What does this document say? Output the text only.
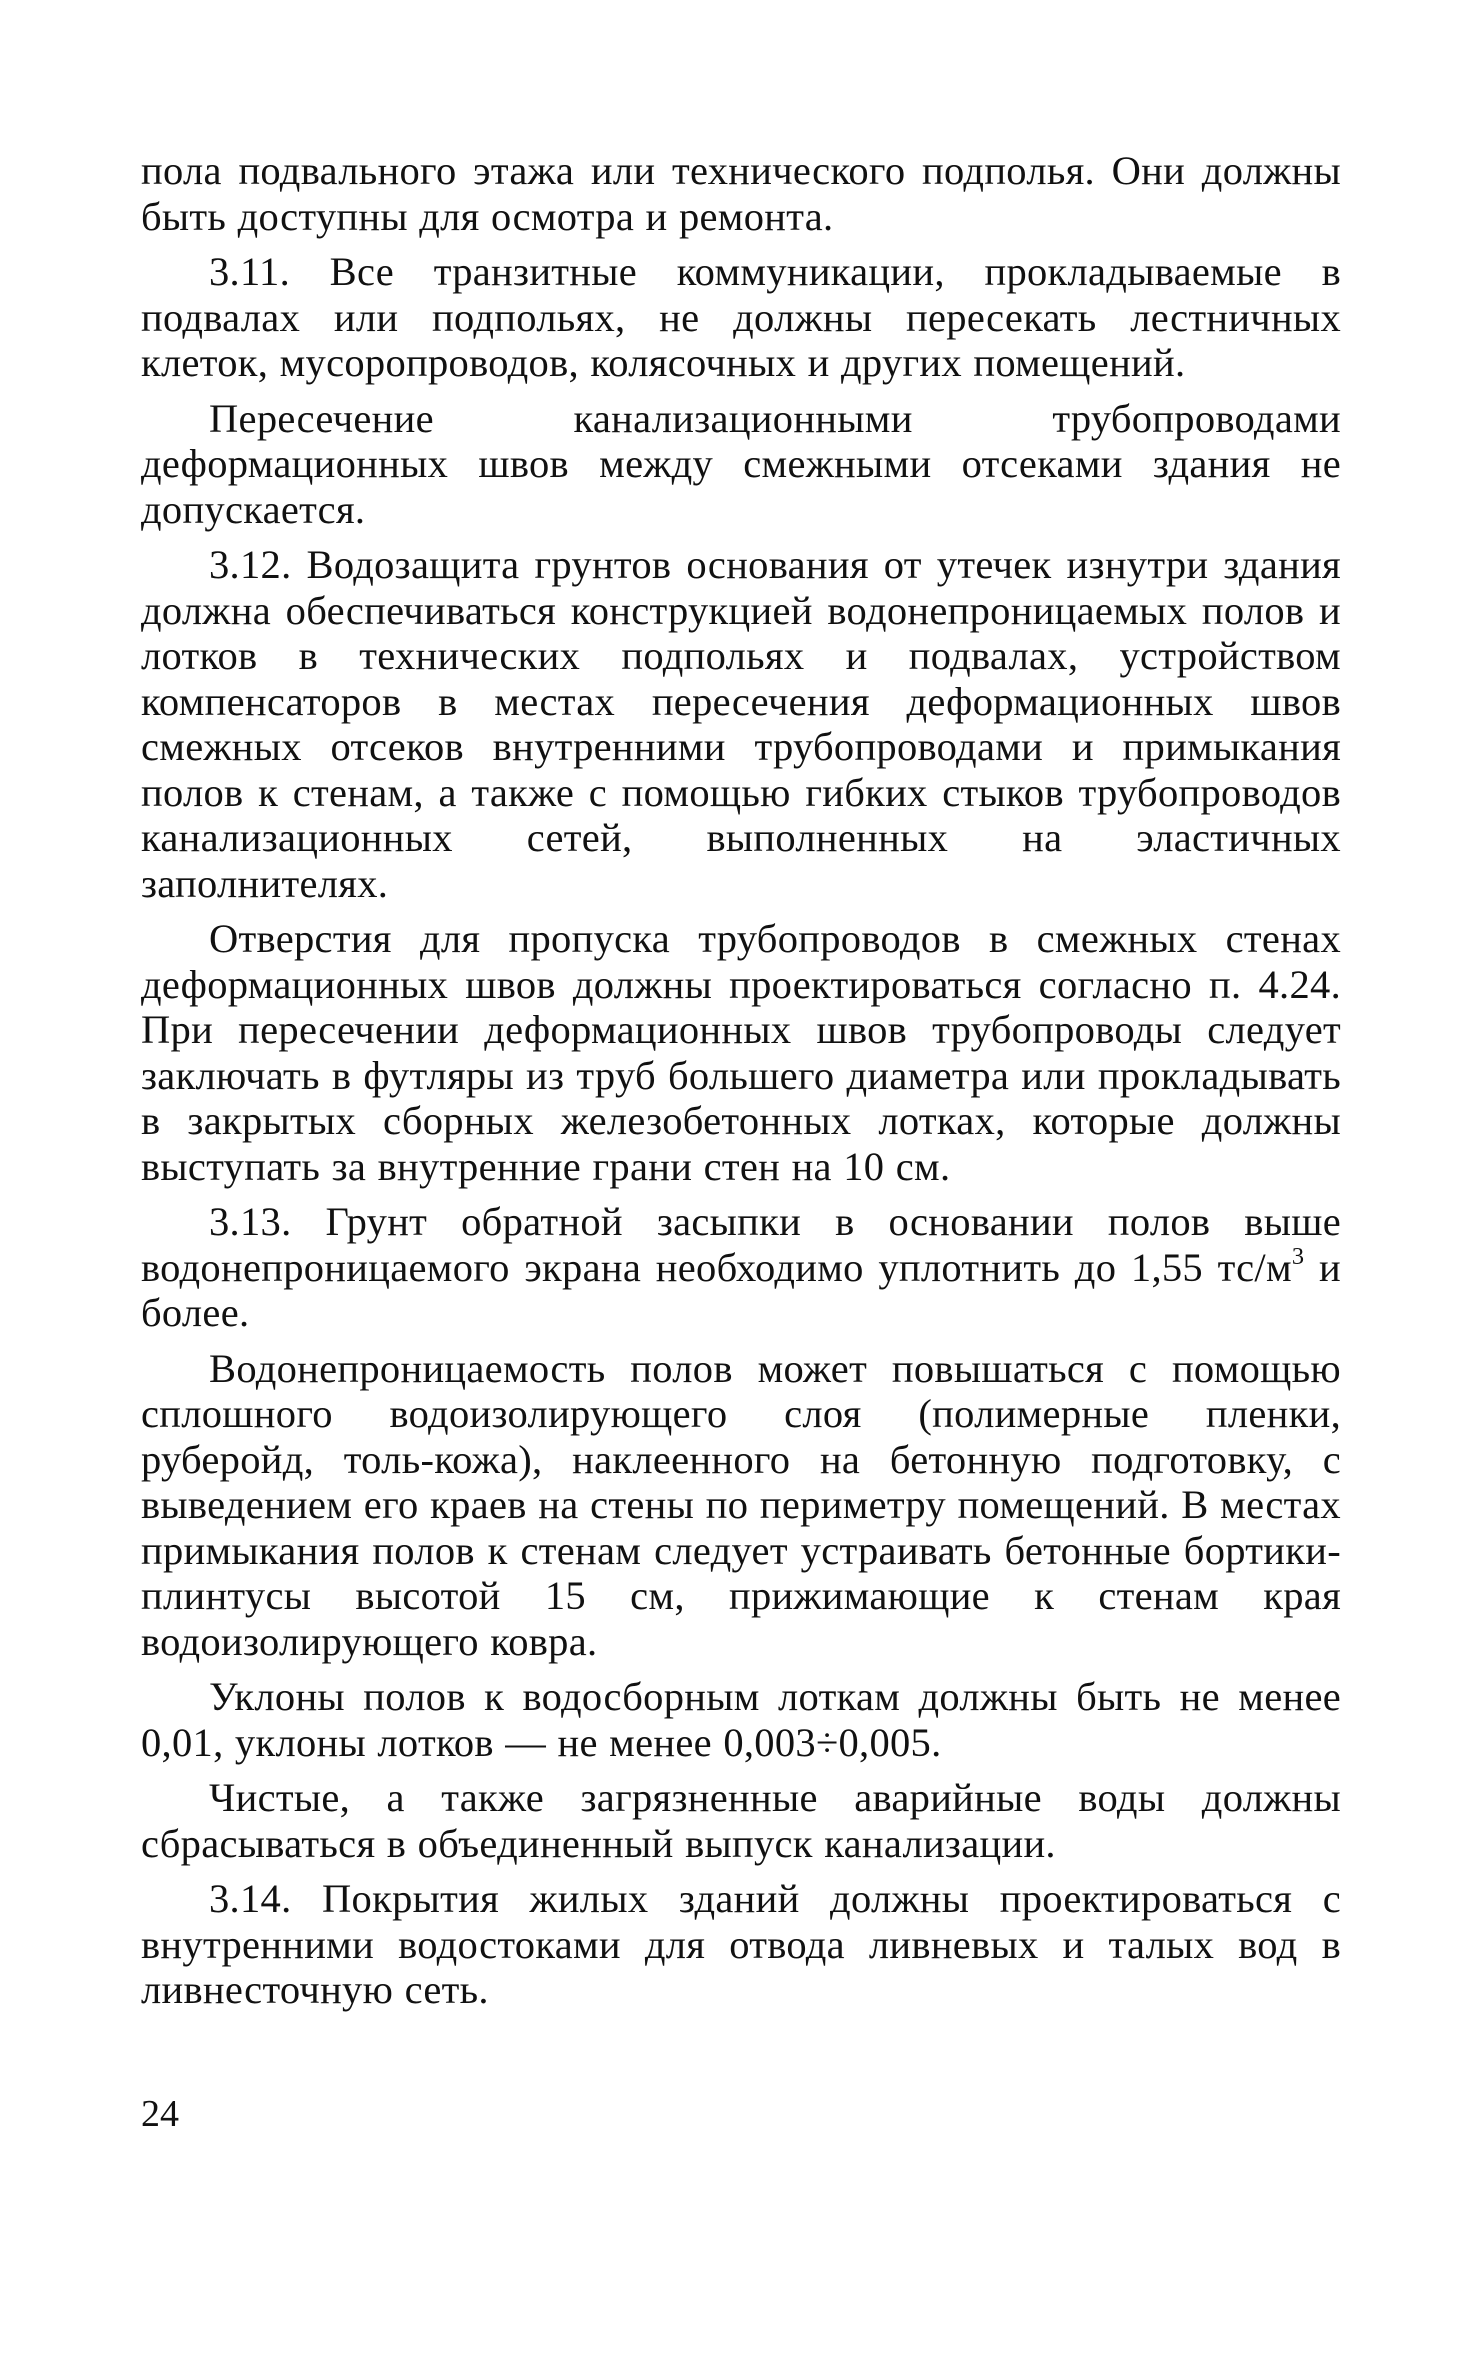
пола подвального этажа или технического подполья. Они должны быть доступны для осмотра и ремонта.

3.11. Все транзитные коммуникации, прокладываемые в подвалах или подпольях, не должны пересекать лестничных клеток, мусоропроводов, колясочных и других помещений.

Пересечение канализационными трубопроводами деформационных швов между смежными отсеками здания не допускается.

3.12. Водозащита грунтов основания от утечек изнутри здания должна обеспечиваться конструкцией водонепроницаемых полов и лотков в технических подпольях и подвалах, устройством компенсаторов в местах пересечения деформационных швов смежных отсеков внутренними трубопроводами и примыкания полов к стенам, а также с помощью гибких стыков трубопроводов канализационных сетей, выполненных на эластичных заполнителях.

Отверстия для пропуска трубопроводов в смежных стенах деформационных швов должны проектироваться согласно п. 4.24. При пересечении деформационных швов трубопроводы следует заключать в футляры из труб большего диаметра или прокладывать в закрытых сборных железобетонных лотках, которые должны выступать за внутренние грани стен на 10 см.

3.13. Грунт обратной засыпки в основании полов выше водонепроницаемого экрана необходимо уплотнить до 1,55 $тс/м^3$ и более.

Водонепроницаемость полов может повышаться с помощью сплошного водоизолирующего слоя (полимерные пленки, руберойд, толь-кожа), наклеенного на бетонную подготовку, с выведением его краев на стены по периметру помещений. В местах примыкания полов к стенам следует устраивать бетонные бортики-плинтусы высотой 15 см, прижимающие к стенам края водоизолирующего ковра.

Уклоны полов к водосборным лоткам должны быть не менее 0,01, уклоны лотков — не менее 0,003÷0,005.

Чистые, а также загрязненные аварийные воды должны сбрасываться в объединенный выпуск канализации.

3.14. Покрытия жилых зданий должны проектироваться с внутренними водостоками для отвода ливневых и талых вод в ливнесточную сеть.

24
